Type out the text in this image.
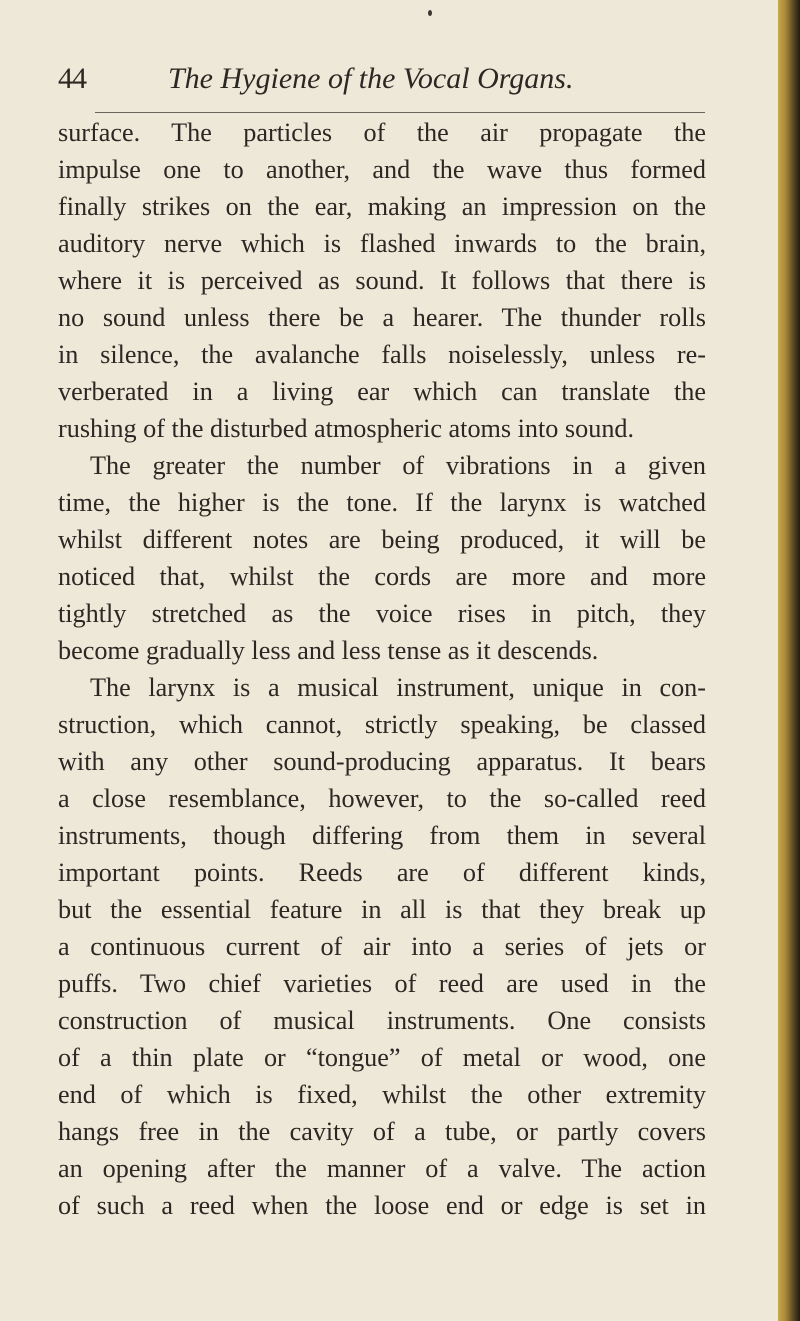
44	The Hygiene of the Vocal Organs.
surface. The particles of the air propagate the
impulse one to another, and the wave thus formed
finally strikes on the ear, making an impression on the
auditory nerve which is flashed inwards to the brain,
where it is perceived as sound. It follows that there is
no sound unless there be a hearer. The thunder rolls
in silence, the avalanche falls noiselessly, unless re-
verberated in a living ear which can translate the
rushing of the disturbed atmospheric atoms into sound.
The greater the number of vibrations in a given
time, the higher is the tone. If the larynx is watched
whilst different notes are being produced, it will be
noticed that, whilst the cords are more and more
tightly stretched as the voice rises in pitch, they
become gradually less and less tense as it descends.
The larynx is a musical instrument, unique in con-
struction, which cannot, strictly speaking, be classed
with any other sound-producing apparatus. It bears
a close resemblance, however, to the so-called reed
instruments, though differing from them in several
important points. Reeds are of different kinds,
but the essential feature in all is that they break up
a continuous current of air into a series of jets or
puffs. Two chief varieties of reed are used in the
construction of musical instruments. One consists
of a thin plate or “tongue” of metal or wood, one
end of which is fixed, whilst the other extremity
hangs free in the cavity of a tube, or partly covers
an opening after the manner of a valve. The action
of such a reed when the loose end or edge is set in
